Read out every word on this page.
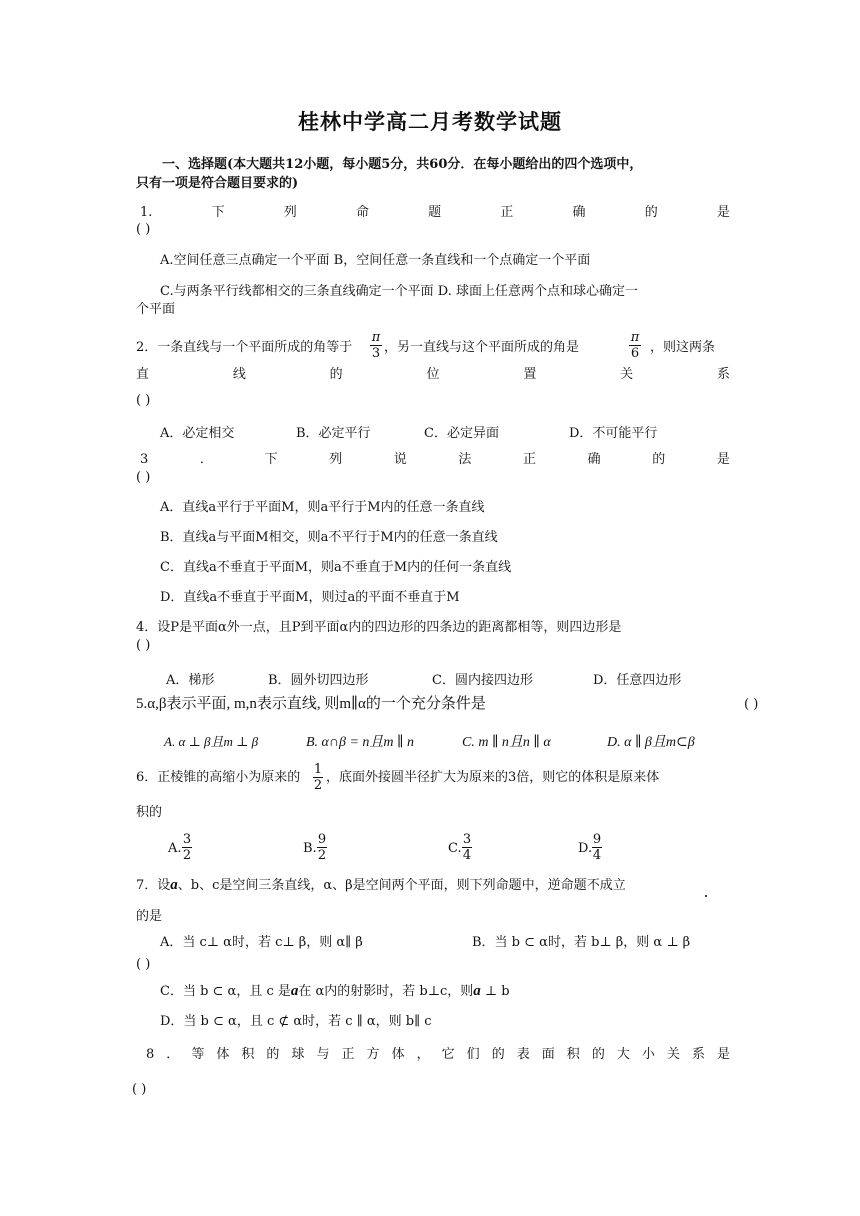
桂林中学高二月考数学试题
一、选择题(本大题共12小题，每小题5分，共60分．在每小题给出的四个选项中，
只有一项是符合题目要求的)
1.	下	列	命	题	正	确	的	是
( )
A.空间任意三点确定一个平面 B，空间任意一条直线和一个点确定一个平面
C.与两条平行线都相交的三条直线确定一个平面 D. 球面上任意两个点和球心确定一
个平面
2．一条直线与一个平面所成的角等于 $\frac{\pi}{3}$ ，另一直线与这个平面所成的角是	$\frac{\pi}{6}$ ，则这两条
直	线	的	位	置	关	系
( )
A．必定相交	B．必定平行	C．必定异面	D．不可能平行
3	．	下	列	说	法	正	确	的	是
( )
A．直线a平行于平面M，则a平行于M内的任意一条直线
B．直线a与平面M相交，则a不平行于M内的任意一条直线
C．直线a不垂直于平面M，则a不垂直于M内的任何一条直线
D．直线a不垂直于平面M，则过a的平面不垂直于M
4．设P是平面α外一点，且P到平面α内的四边形的四条边的距离都相等，则四边形是
( )
A．梯形	B．圆外切四边形	C．圆内接四边形	D．任意四边形
5.α,β表示平面, m,n表示直线, 则m∥α的一个充分条件是	( )
A. α ⊥ β且m ⊥ β	B. α∩β = n且m ∥ n	C. m ∥ n且n ∥ α	D. α ∥ β且m⊂β
6．正棱锥的高缩小为原来的 $\frac{1}{2}$ ，底面外接圆半径扩大为原来的3倍，则它的体积是原来体
积的
A. $\frac{3}{2}$	B. $\frac{9}{2}$	C. $\frac{3}{4}$	D. $\frac{9}{4}$
7．设a、b、c是空间三条直线，α、β是空间两个平面，则下列命题中，逆命题不成立
的是
A．当 c⊥ α时，若 c⊥ β，则 α∥ β	B．当 b ⊂ α时，若 b⊥ β，则 α ⊥ β
( )
C．当 b ⊂ α，且 c 是a在 α内的射影时，若 b⊥c，则a ⊥ b
D．当 b ⊂ α，且 c ⊄ α时，若 c ∥ α，则 b∥ c
8 ． 等 体 积 的 球 与 正 方 体 ， 它 们 的 表 面 积 的 大 小 关 系 是
( )
